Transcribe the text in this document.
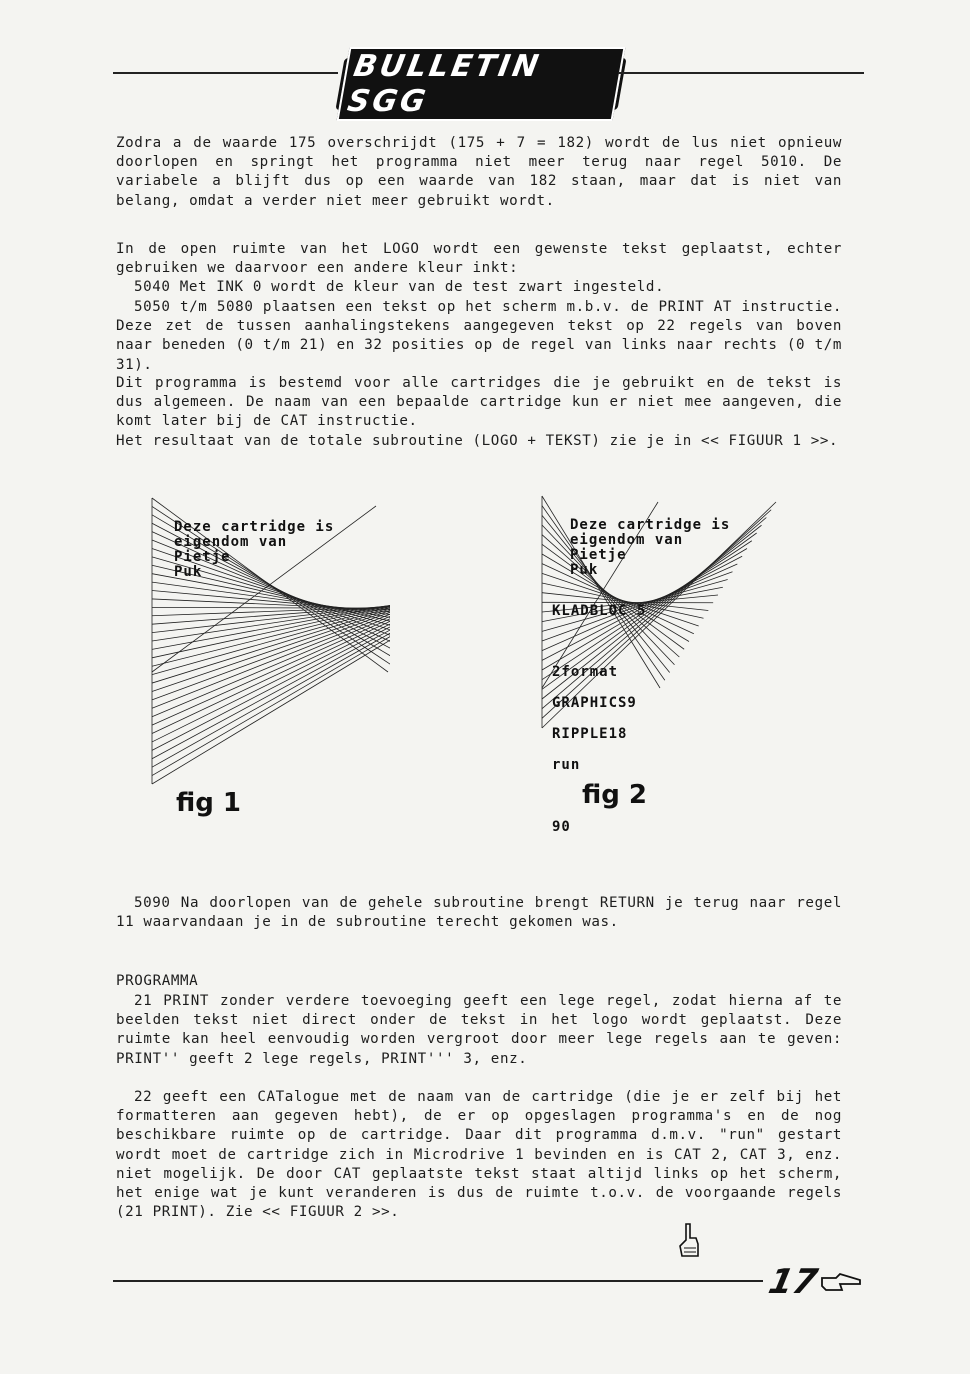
BULLETIN SGG
Zodra a de waarde 175 overschrijdt (175 + 7 = 182) wordt de lus niet opnieuw doorlopen en springt het programma niet meer terug naar regel 5010. De variabele a blijft dus op een waarde van 182 staan, maar dat is niet van belang, omdat a verder niet meer gebruikt wordt.
In de open ruimte van het LOGO wordt een gewenste tekst geplaatst, echter gebruiken we daarvoor een andere kleur inkt:
5040 Met INK 0 wordt de kleur van de test zwart ingesteld.
5050 t/m 5080 plaatsen een tekst op het scherm m.b.v. de PRINT AT instructie. Deze zet de tussen aanhalingstekens aangegeven tekst op 22 regels van boven naar beneden (0 t/m 21) en 32 posities op de regel van links naar rechts (0 t/m 31).
Dit programma is bestemd voor alle cartridges die je gebruikt en de tekst is dus algemeen. De naam van een bepaalde cartridge kun er niet mee aangeven, die komt later bij de CAT instructie.
Het resultaat van de totale subroutine (LOGO + TEKST) zie je in << FIGUUR 1 >>.
Deze cartridge is
eigendom van
Pietje
Puk
fig 1
Deze cartridge is
eigendom van
Pietje
Puk

KLADBLOC 5

2format

GRAPHICS9

RIPPLE18

run

90

fig 2
5090 Na doorlopen van de gehele subroutine brengt RETURN je terug naar regel 11 waarvandaan je in de subroutine terecht gekomen was.
PROGRAMMA
21 PRINT zonder verdere toevoeging geeft een lege regel, zodat hierna af te beelden tekst niet direct onder de tekst in het logo wordt geplaatst. Deze ruimte kan heel eenvoudig worden vergroot door meer lege regels aan te geven: PRINT'' geeft 2 lege regels, PRINT''' 3, enz.
22 geeft een CATalogue met de naam van de cartridge (die je er zelf bij het formatteren aan gegeven hebt), de er op opgeslagen programma's en de nog beschikbare ruimte op de cartridge. Daar dit programma d.m.v. "run" gestart wordt moet de cartridge zich in Microdrive 1 bevinden en is CAT 2, CAT 3, enz. niet mogelijk. De door CAT geplaatste tekst staat altijd links op het scherm, het enige wat je kunt veranderen is dus de ruimte t.o.v. de voorgaande regels (21 PRINT). Zie << FIGUUR 2 >>.
17
